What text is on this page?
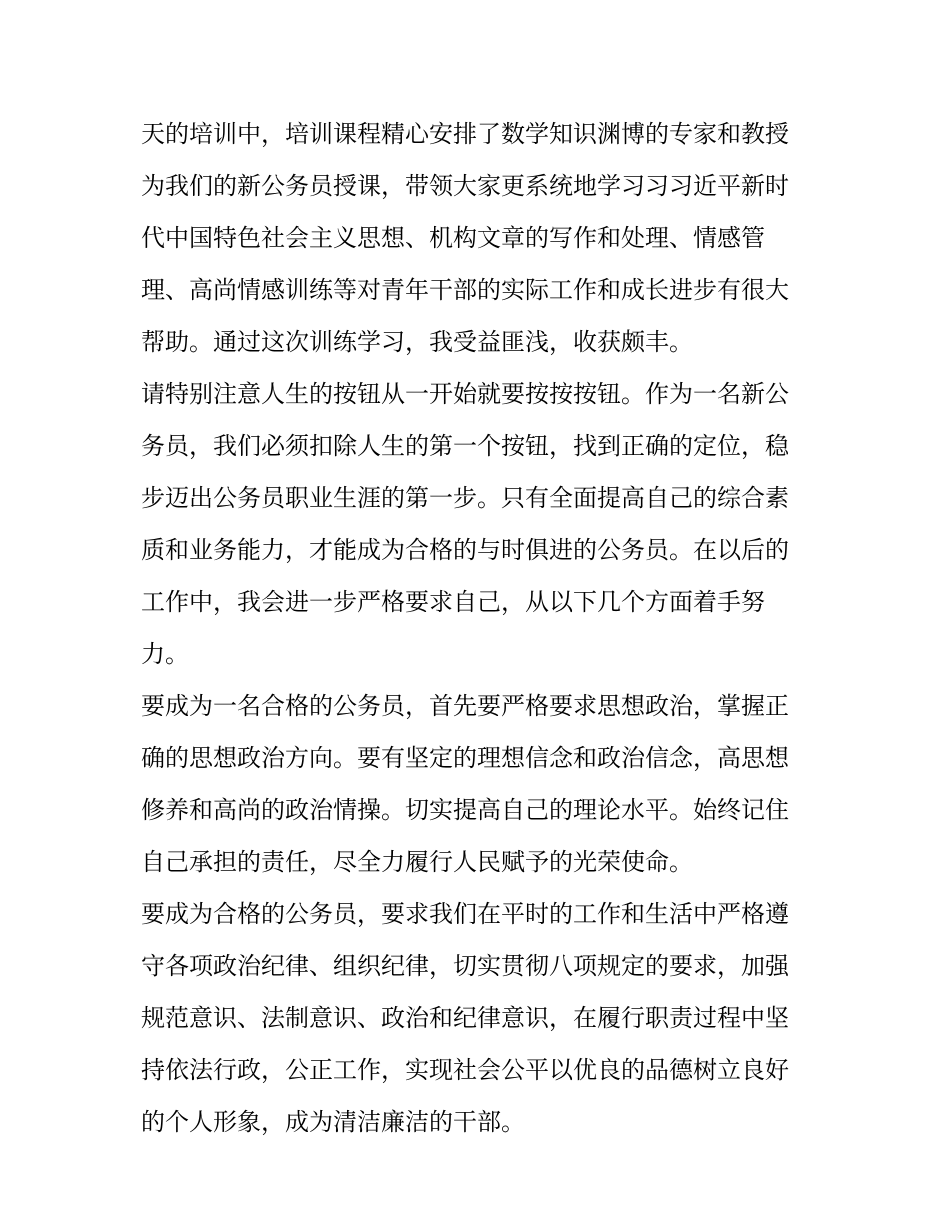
天的培训中，培训课程精心安排了数学知识渊博的专家和教授
为我们的新公务员授课，带领大家更系统地学习习习近平新时
代中国特色社会主义思想、机构文章的写作和处理、情感管
理、高尚情感训练等对青年干部的实际工作和成长进步有很大
帮助。通过这次训练学习，我受益匪浅，收获颇丰。
请特别注意人生的按钮从一开始就要按按按钮。作为一名新公
务员，我们必须扣除人生的第一个按钮，找到正确的定位，稳
步迈出公务员职业生涯的第一步。只有全面提高自己的综合素
质和业务能力，才能成为合格的与时俱进的公务员。在以后的
工作中，我会进一步严格要求自己，从以下几个方面着手努
力。
要成为一名合格的公务员，首先要严格要求思想政治，掌握正
确的思想政治方向。要有坚定的理想信念和政治信念，高思想
修养和高尚的政治情操。切实提高自己的理论水平。始终记住
自己承担的责任，尽全力履行人民赋予的光荣使命。
要成为合格的公务员，要求我们在平时的工作和生活中严格遵
守各项政治纪律、组织纪律，切实贯彻八项规定的要求，加强
规范意识、法制意识、政治和纪律意识，在履行职责过程中坚
持依法行政，公正工作，实现社会公平以优良的品德树立良好
的个人形象，成为清洁廉洁的干部。
